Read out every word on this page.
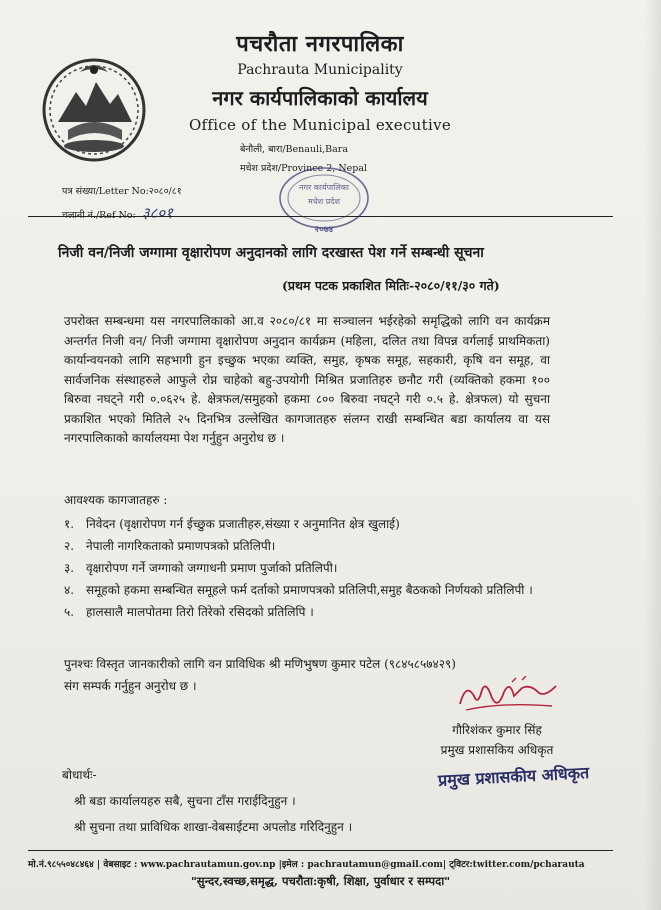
पचरौता नगरपालिका
Pachrauta Municipality
नगर कार्यपालिकाको कार्यालय
Office of the Municipal executive
बेनौली, बारा/Benauli,Bara
मधेश प्रदेश/Province 2, Nepal
नगर कार्यपालिका
मधेश प्रदेश
२०७४
पत्र संख्या/Letter No:२०८०/८१
चलानी नं./Ref No: ३८०१
निजी वन/निजी जग्गामा वृक्षारोपण अनुदानको लागि दरखास्त पेश गर्ने सम्बन्धी सूचना
(प्रथम पटक प्रकाशित मितिः-२०८०/११/३० गते)
उपरोक्त सम्बन्धमा यस नगरपालिकाको आ.व २०८०/८१ मा सञ्चालन भईरहेको समृद्धिको लागि वन कार्यक्रम अन्तर्गत निजी वन/ निजी जग्गामा वृक्षारोपण अनुदान कार्यक्रम (महिला, दलित तथा विपन्न वर्गलाई प्राथमिकता) कार्यान्वयनको लागि सहभागी हुन इच्छुक भएका व्यक्ति, समुह, कृषक समूह, सहकारी, कृषि वन समूह, वा सार्वजनिक संस्थाहरुले आफुले रोप्न चाहेको बहु-उपयोगी मिश्रित प्रजातिहरु छनौट गरी (व्यक्तिको हकमा १०० बिरुवा नघट्ने गरी ०.०६२५ हे. क्षेत्रफल/समुहको हकमा ८०० बिरुवा नघट्ने गरी ०.५ हे. क्षेत्रफल) यो सुचना प्रकाशित भएको मितिले २५ दिनभित्र उल्लेखित कागजातहरु संलग्न राखी सम्बन्धित बडा कार्यालय वा यस नगरपालिकाको कार्यालयमा पेश गर्नुहुन अनुरोध छ ।
आवश्यक कागजातहरु :
१. निवेदन (वृक्षारोपण गर्न ईच्छुक प्रजातीहरु,संख्या र अनुमानित क्षेत्र खुलाई)
२. नेपाली नागरिकताको प्रमाणपत्रको प्रतिलिपी।
३. वृक्षारोपण गर्ने जग्गाको जग्गाधनी प्रमाण पुर्जाको प्रतिलिपी।
४. समूहको हकमा सम्बन्धित समूहले फर्म दर्ताको प्रमाणपत्रको प्रतिलिपी,समुह बैठकको निर्णयको प्रतिलिपी ।
५. हालसालै मालपोतमा तिरो तिरेको रसिदको प्रतिलिपि ।
पुनश्चः विस्तृत जानकारीको लागि वन प्राविधिक श्री मणिभुषण कुमार पटेल (९८४५८५७४२९)
संग सम्पर्क गर्नुहुन अनुरोध छ ।
गौरिशंकर कुमार सिंह
प्रमुख प्रशासकिय अधिकृत
प्रमुख प्रशासकीय अधिकृत
बोधार्थः-
श्री बडा कार्यालयहरु सबै, सुचना टाँस गराईदिनुहुन ।
श्री सुचना तथा प्राविधिक शाखा-वेबसाईटमा अपलोड गरिदिनुहुन ।
मो.नं.९८५५०४८४६४ | वेबसाइट : www.pachrautamun.gov.np |इमेल : pachrautamun@gmail.com| ट्विटर:twitter.com/pcharauta
"सुन्दर,स्वच्छ,समृद्ध, पचरौता:कृषी, शिक्षा, पुर्वाधार र सम्पदा"
